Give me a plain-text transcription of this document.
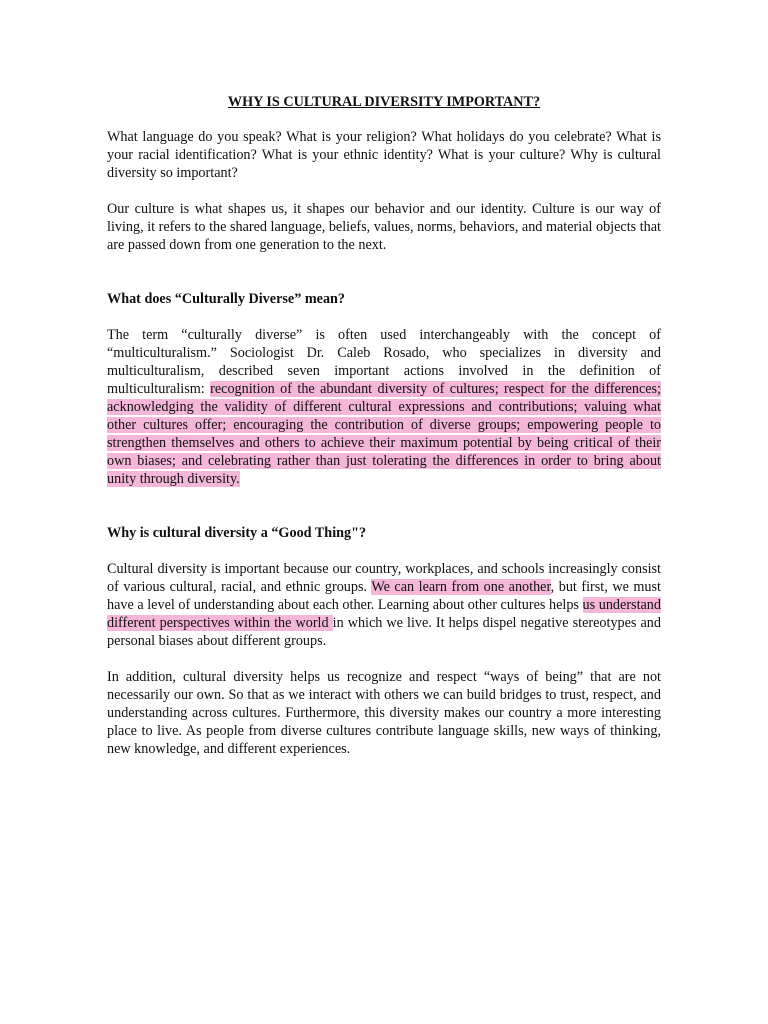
WHY IS CULTURAL DIVERSITY IMPORTANT?

What language do you speak? What is your religion? What holidays do you celebrate? What is your racial identification? What is your ethnic identity? What is your culture? Why is cultural diversity so important?

Our culture is what shapes us, it shapes our behavior and our identity. Culture is our way of living, it refers to the shared language, beliefs, values, norms, behaviors, and material objects that are passed down from one generation to the next.

What does “Culturally Diverse” mean?

The term “culturally diverse” is often used interchangeably with the concept of “multiculturalism.” Sociologist Dr. Caleb Rosado, who specializes in diversity and multiculturalism, described seven important actions involved in the definition of multiculturalism: recognition of the abundant diversity of cultures; respect for the differences; acknowledging the validity of different cultural expressions and contributions; valuing what other cultures offer; encouraging the contribution of diverse groups; empowering people to strengthen themselves and others to achieve their maximum potential by being critical of their own biases; and celebrating rather than just tolerating the differences in order to bring about unity through diversity.

Why is cultural diversity a “Good Thing"?

Cultural diversity is important because our country, workplaces, and schools increasingly consist of various cultural, racial, and ethnic groups. We can learn from one another, but first, we must have a level of understanding about each other. Learning about other cultures helps us understand different perspectives within the world in which we live. It helps dispel negative stereotypes and personal biases about different groups.

In addition, cultural diversity helps us recognize and respect “ways of being” that are not necessarily our own. So that as we interact with others we can build bridges to trust, respect, and understanding across cultures. Furthermore, this diversity makes our country a more interesting place to live. As people from diverse cultures contribute language skills, new ways of thinking, new knowledge, and different experiences.
